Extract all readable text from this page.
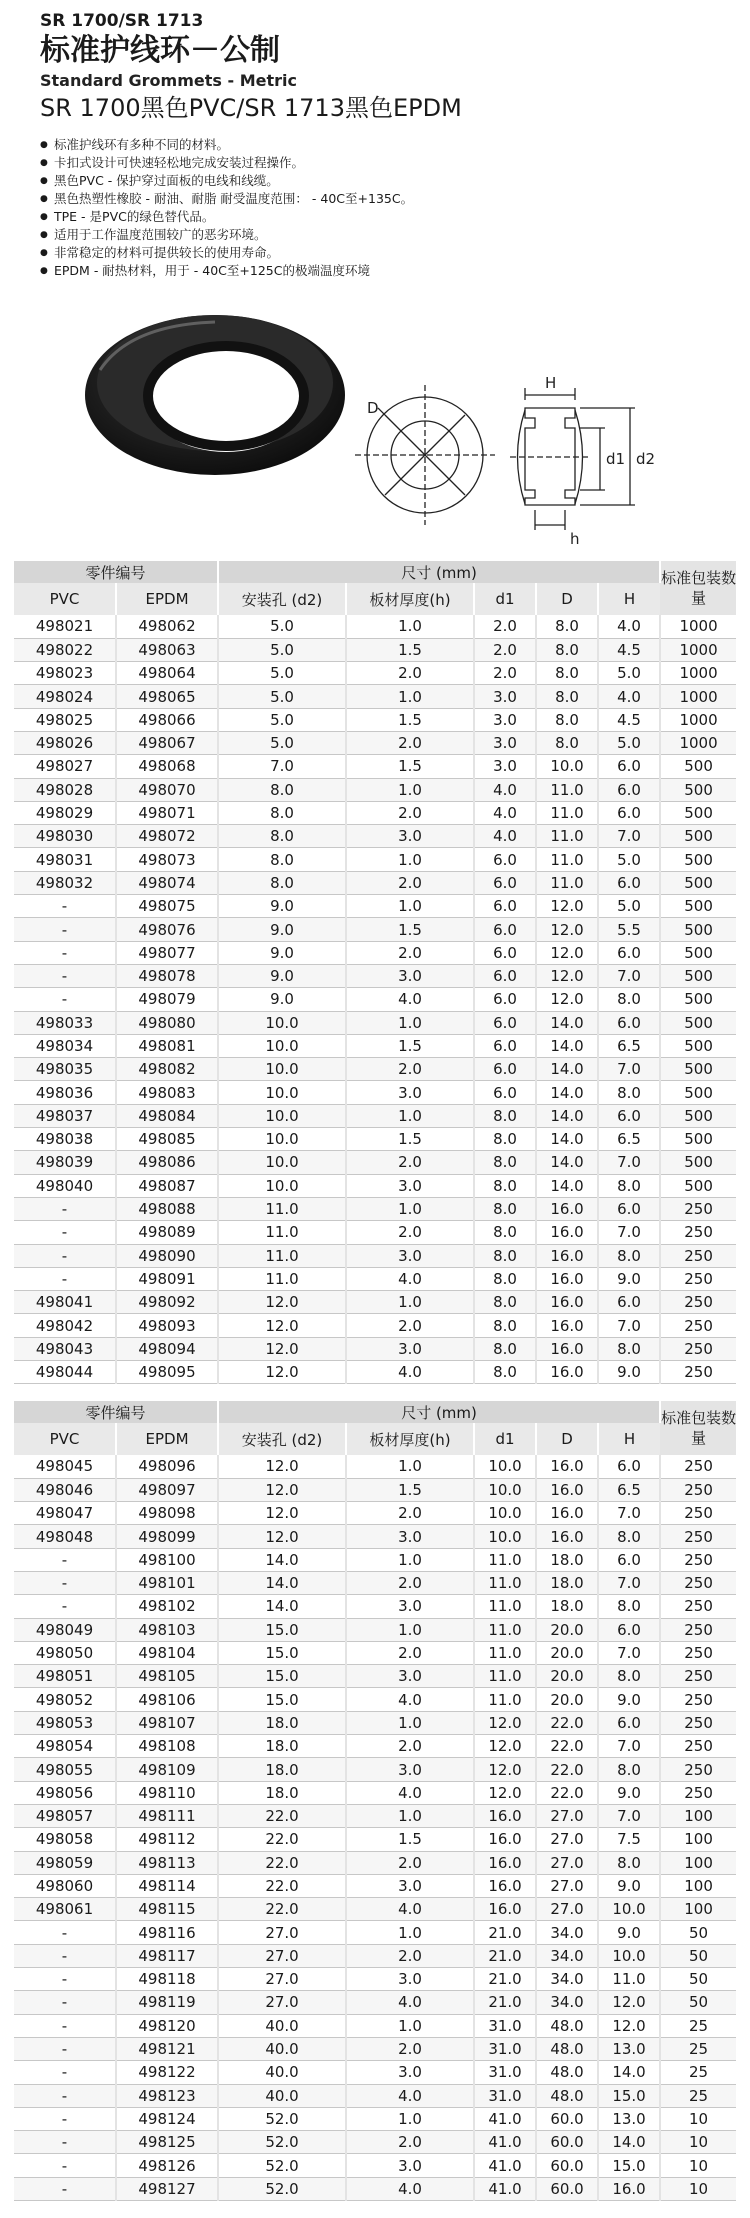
SR 1700/SR 1713
标准护线环－公制
Standard Grommets - Metric
SR 1700黑色PVC/SR 1713黑色EPDM
● 标准护线环有多种不同的材料。
● 卡扣式设计可快速轻松地完成安装过程操作。
● 黑色PVC - 保护穿过面板的电线和线缆。
● 黑色热塑性橡胶 - 耐油、耐脂 耐受温度范围： - 40C至+135C。
● TPE - 是PVC的绿色替代品。
● 适用于工作温度范围较广的恶劣环境。
● 非常稳定的材料可提供较长的使用寿命。
● EPDM - 耐热材料，用于 - 40C至+125C的极端温度环境
D
H
d1 d2
h
零件编号		尺寸 (mm)					标准包装数量
PVC	EPDM	安装孔 (d2)	板材厚度(h)	d1	D	H	
498021	498062	5.0	1.0	2.0	8.0	4.0	1000
498022	498063	5.0	1.5	2.0	8.0	4.5	1000
498023	498064	5.0	2.0	2.0	8.0	5.0	1000
498024	498065	5.0	1.0	3.0	8.0	4.0	1000
498025	498066	5.0	1.5	3.0	8.0	4.5	1000
498026	498067	5.0	2.0	3.0	8.0	5.0	1000
498027	498068	7.0	1.5	3.0	10.0	6.0	500
498028	498070	8.0	1.0	4.0	11.0	6.0	500
498029	498071	8.0	2.0	4.0	11.0	6.0	500
498030	498072	8.0	3.0	4.0	11.0	7.0	500
498031	498073	8.0	1.0	6.0	11.0	5.0	500
498032	498074	8.0	2.0	6.0	11.0	6.0	500
-	498075	9.0	1.0	6.0	12.0	5.0	500
-	498076	9.0	1.5	6.0	12.0	5.5	500
-	498077	9.0	2.0	6.0	12.0	6.0	500
-	498078	9.0	3.0	6.0	12.0	7.0	500
-	498079	9.0	4.0	6.0	12.0	8.0	500
498033	498080	10.0	1.0	6.0	14.0	6.0	500
498034	498081	10.0	1.5	6.0	14.0	6.5	500
498035	498082	10.0	2.0	6.0	14.0	7.0	500
498036	498083	10.0	3.0	6.0	14.0	8.0	500
498037	498084	10.0	1.0	8.0	14.0	6.0	500
498038	498085	10.0	1.5	8.0	14.0	6.5	500
498039	498086	10.0	2.0	8.0	14.0	7.0	500
498040	498087	10.0	3.0	8.0	14.0	8.0	500
-	498088	11.0	1.0	8.0	16.0	6.0	250
-	498089	11.0	2.0	8.0	16.0	7.0	250
-	498090	11.0	3.0	8.0	16.0	8.0	250
-	498091	11.0	4.0	8.0	16.0	9.0	250
498041	498092	12.0	1.0	8.0	16.0	6.0	250
498042	498093	12.0	2.0	8.0	16.0	7.0	250
498043	498094	12.0	3.0	8.0	16.0	8.0	250
498044	498095	12.0	4.0	8.0	16.0	9.0	250
零件编号		尺寸 (mm)					标准包装数量
PVC	EPDM	安装孔 (d2)	板材厚度(h)	d1	D	H	
498045	498096	12.0	1.0	10.0	16.0	6.0	250
498046	498097	12.0	1.5	10.0	16.0	6.5	250
498047	498098	12.0	2.0	10.0	16.0	7.0	250
498048	498099	12.0	3.0	10.0	16.0	8.0	250
-	498100	14.0	1.0	11.0	18.0	6.0	250
-	498101	14.0	2.0	11.0	18.0	7.0	250
-	498102	14.0	3.0	11.0	18.0	8.0	250
498049	498103	15.0	1.0	11.0	20.0	6.0	250
498050	498104	15.0	2.0	11.0	20.0	7.0	250
498051	498105	15.0	3.0	11.0	20.0	8.0	250
498052	498106	15.0	4.0	11.0	20.0	9.0	250
498053	498107	18.0	1.0	12.0	22.0	6.0	250
498054	498108	18.0	2.0	12.0	22.0	7.0	250
498055	498109	18.0	3.0	12.0	22.0	8.0	250
498056	498110	18.0	4.0	12.0	22.0	9.0	250
498057	498111	22.0	1.0	16.0	27.0	7.0	100
498058	498112	22.0	1.5	16.0	27.0	7.5	100
498059	498113	22.0	2.0	16.0	27.0	8.0	100
498060	498114	22.0	3.0	16.0	27.0	9.0	100
498061	498115	22.0	4.0	16.0	27.0	10.0	100
-	498116	27.0	1.0	21.0	34.0	9.0	50
-	498117	27.0	2.0	21.0	34.0	10.0	50
-	498118	27.0	3.0	21.0	34.0	11.0	50
-	498119	27.0	4.0	21.0	34.0	12.0	50
-	498120	40.0	1.0	31.0	48.0	12.0	25
-	498121	40.0	2.0	31.0	48.0	13.0	25
-	498122	40.0	3.0	31.0	48.0	14.0	25
-	498123	40.0	4.0	31.0	48.0	15.0	25
-	498124	52.0	1.0	41.0	60.0	13.0	10
-	498125	52.0	2.0	41.0	60.0	14.0	10
-	498126	52.0	3.0	41.0	60.0	15.0	10
-	498127	52.0	4.0	41.0	60.0	16.0	10
